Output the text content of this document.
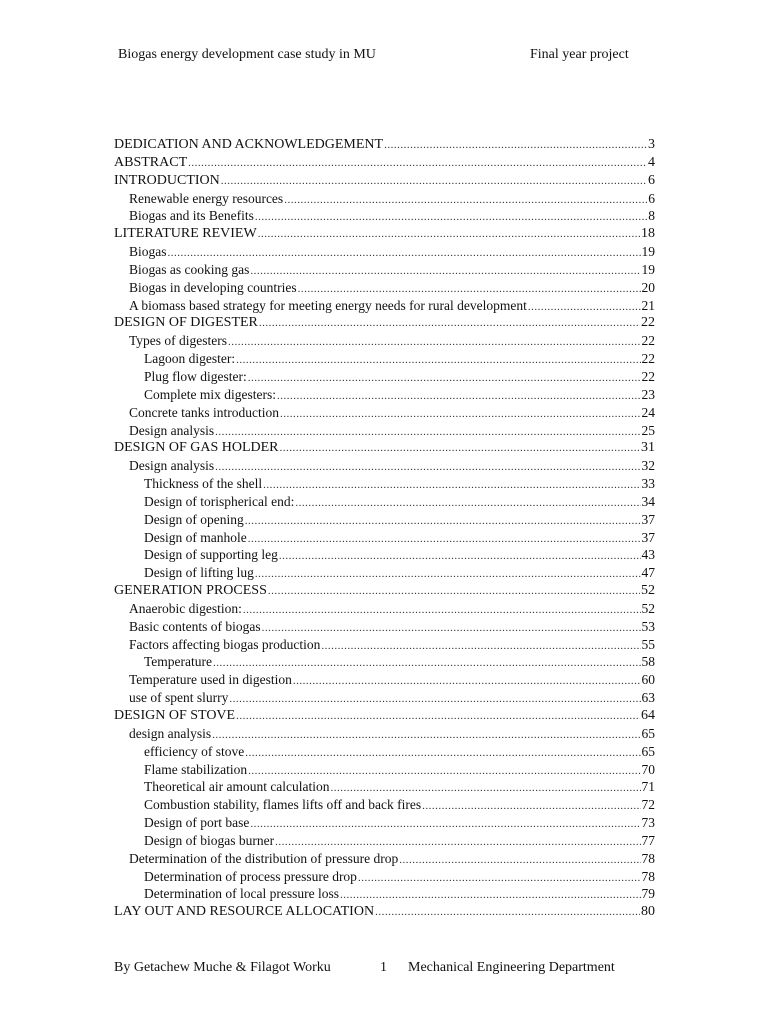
Biogas energy development case study in MU	Final year project
DEDICATION AND ACKNOWLEDGEMENT .....	3
ABSTRACT .....	4
INTRODUCTION .....	6
Renewable energy resources .....	6
Biogas and its Benefits .....	8
LITERATURE REVIEW .....	18
Biogas .....	19
Biogas as cooking gas .....	19
Biogas in developing countries .....	20
A biomass based strategy for meeting energy needs for rural development .....	21
DESIGN OF DIGESTER .....	22
Types of digesters .....	22
Lagoon digester: .....	22
Plug flow digester: .....	22
Complete mix digesters: .....	23
Concrete tanks introduction .....	24
Design analysis .....	25
DESIGN OF GAS HOLDER .....	31
Design analysis .....	32
Thickness of the shell .....	33
Design of torispherical end: .....	34
Design of opening .....	37
Design of manhole .....	37
Design of supporting leg .....	43
Design of lifting lug .....	47
GENERATION PROCESS .....	52
Anaerobic digestion: .....	52
Basic contents of biogas .....	53
Factors affecting biogas production .....	55
Temperature .....	58
Temperature used in digestion .....	60
use of spent slurry .....	63
DESIGN OF STOVE .....	64
design analysis .....	65
efficiency of stove .....	65
Flame stabilization .....	70
Theoretical air amount calculation .....	71
Combustion stability, flames lifts off and back fires .....	72
Design of port base .....	73
Design of biogas burner .....	77
Determination of the distribution of pressure drop .....	78
Determination of process pressure drop .....	78
Determination of local pressure loss .....	79
LAY OUT AND RESOURCE ALLOCATION .....	80
By Getachew Muche & Filagot Worku	1 Mechanical Engineering Department
